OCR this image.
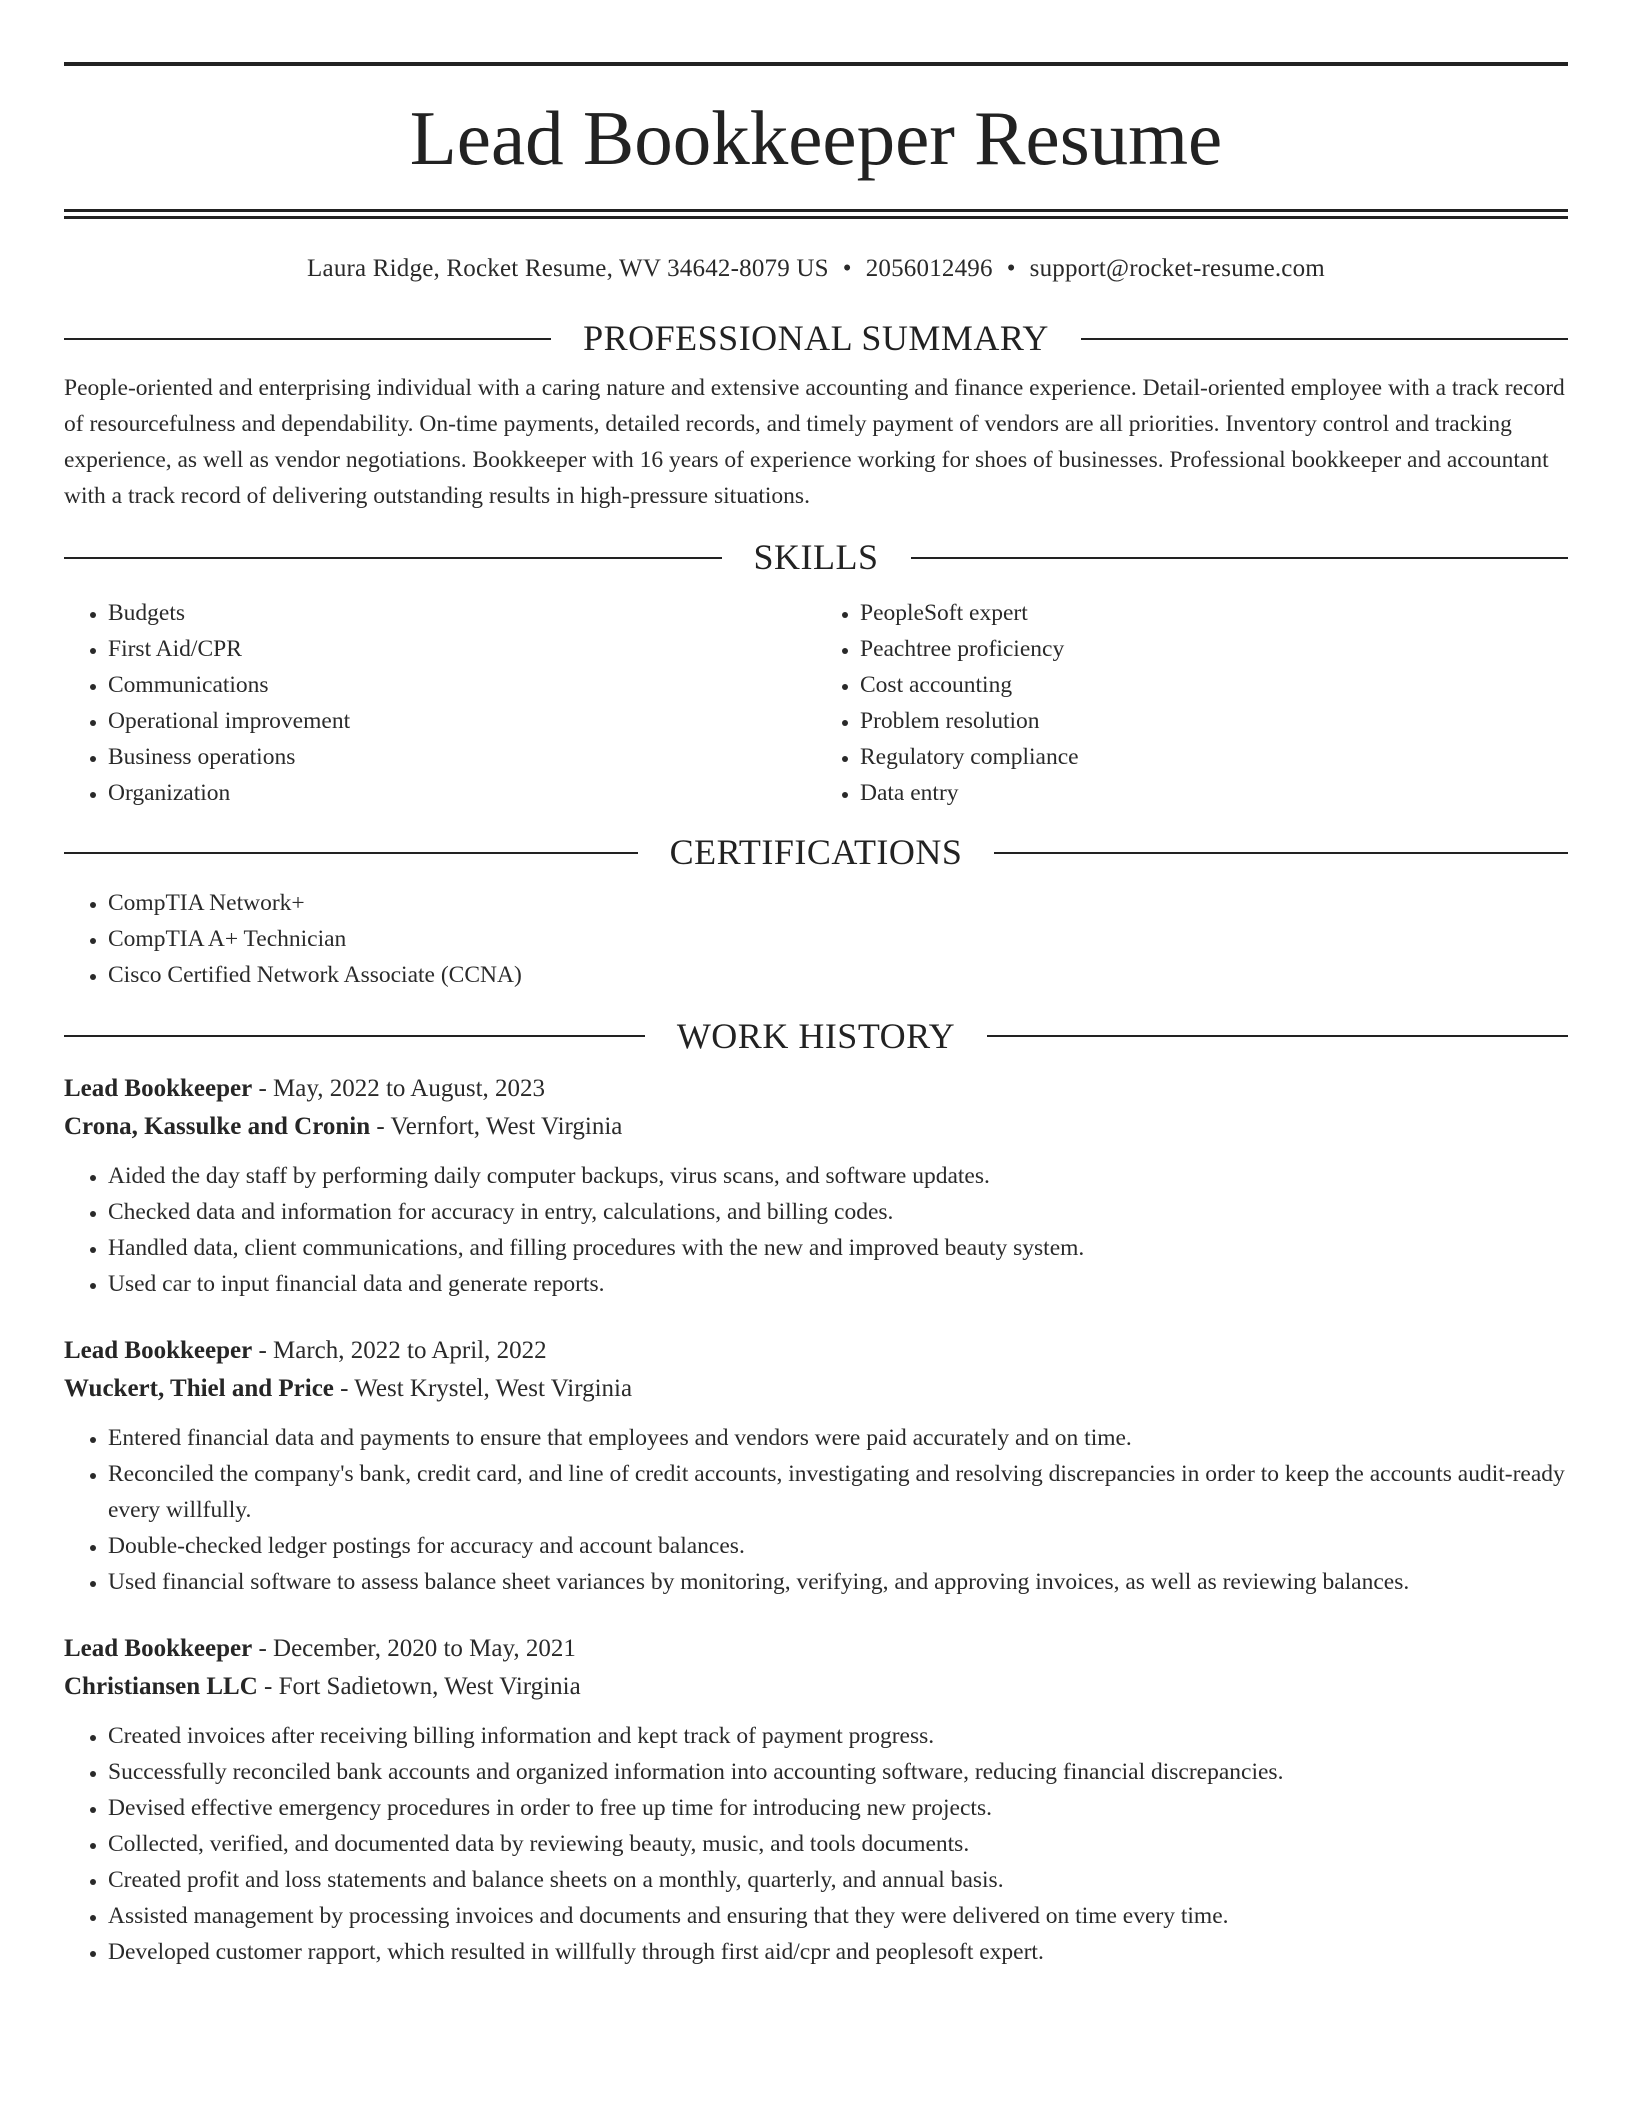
Lead Bookkeeper Resume
Laura Ridge, Rocket Resume, WV 34642-8079 US • 2056012496 • support@rocket-resume.com
PROFESSIONAL SUMMARY

People-oriented and enterprising individual with a caring nature and extensive accounting and finance experience. Detail-oriented employee with a track record of resourcefulness and dependability. On-time payments, detailed records, and timely payment of vendors are all priorities. Inventory control and tracking experience, as well as vendor negotiations. Bookkeeper with 16 years of experience working for shoes of businesses. Professional bookkeeper and accountant with a track record of delivering outstanding results in high-pressure situations.

SKILLS
• Budgets
• First Aid/CPR
• Communications
• Operational improvement
• Business operations
• Organization
• PeopleSoft expert
• Peachtree proficiency
• Cost accounting
• Problem resolution
• Regulatory compliance
• Data entry
CERTIFICATIONS
• CompTIA Network+
• CompTIA A+ Technician
• Cisco Certified Network Associate (CCNA)
WORK HISTORY
Lead Bookkeeper - May, 2022 to August, 2023
Crona, Kassulke and Cronin - Vernfort, West Virginia
• Aided the day staff by performing daily computer backups, virus scans, and software updates.
• Checked data and information for accuracy in entry, calculations, and billing codes.
• Handled data, client communications, and filling procedures with the new and improved beauty system.
• Used car to input financial data and generate reports.
Lead Bookkeeper - March, 2022 to April, 2022
Wuckert, Thiel and Price - West Krystel, West Virginia
• Entered financial data and payments to ensure that employees and vendors were paid accurately and on time.
• Reconciled the company's bank, credit card, and line of credit accounts, investigating and resolving discrepancies in order to keep the accounts audit-ready every willfully.
• Double-checked ledger postings for accuracy and account balances.
• Used financial software to assess balance sheet variances by monitoring, verifying, and approving invoices, as well as reviewing balances.
Lead Bookkeeper - December, 2020 to May, 2021
Christiansen LLC - Fort Sadietown, West Virginia
• Created invoices after receiving billing information and kept track of payment progress.
• Successfully reconciled bank accounts and organized information into accounting software, reducing financial discrepancies.
• Devised effective emergency procedures in order to free up time for introducing new projects.
• Collected, verified, and documented data by reviewing beauty, music, and tools documents.
• Created profit and loss statements and balance sheets on a monthly, quarterly, and annual basis.
• Assisted management by processing invoices and documents and ensuring that they were delivered on time every time.
• Developed customer rapport, which resulted in willfully through first aid/cpr and peoplesoft expert.
